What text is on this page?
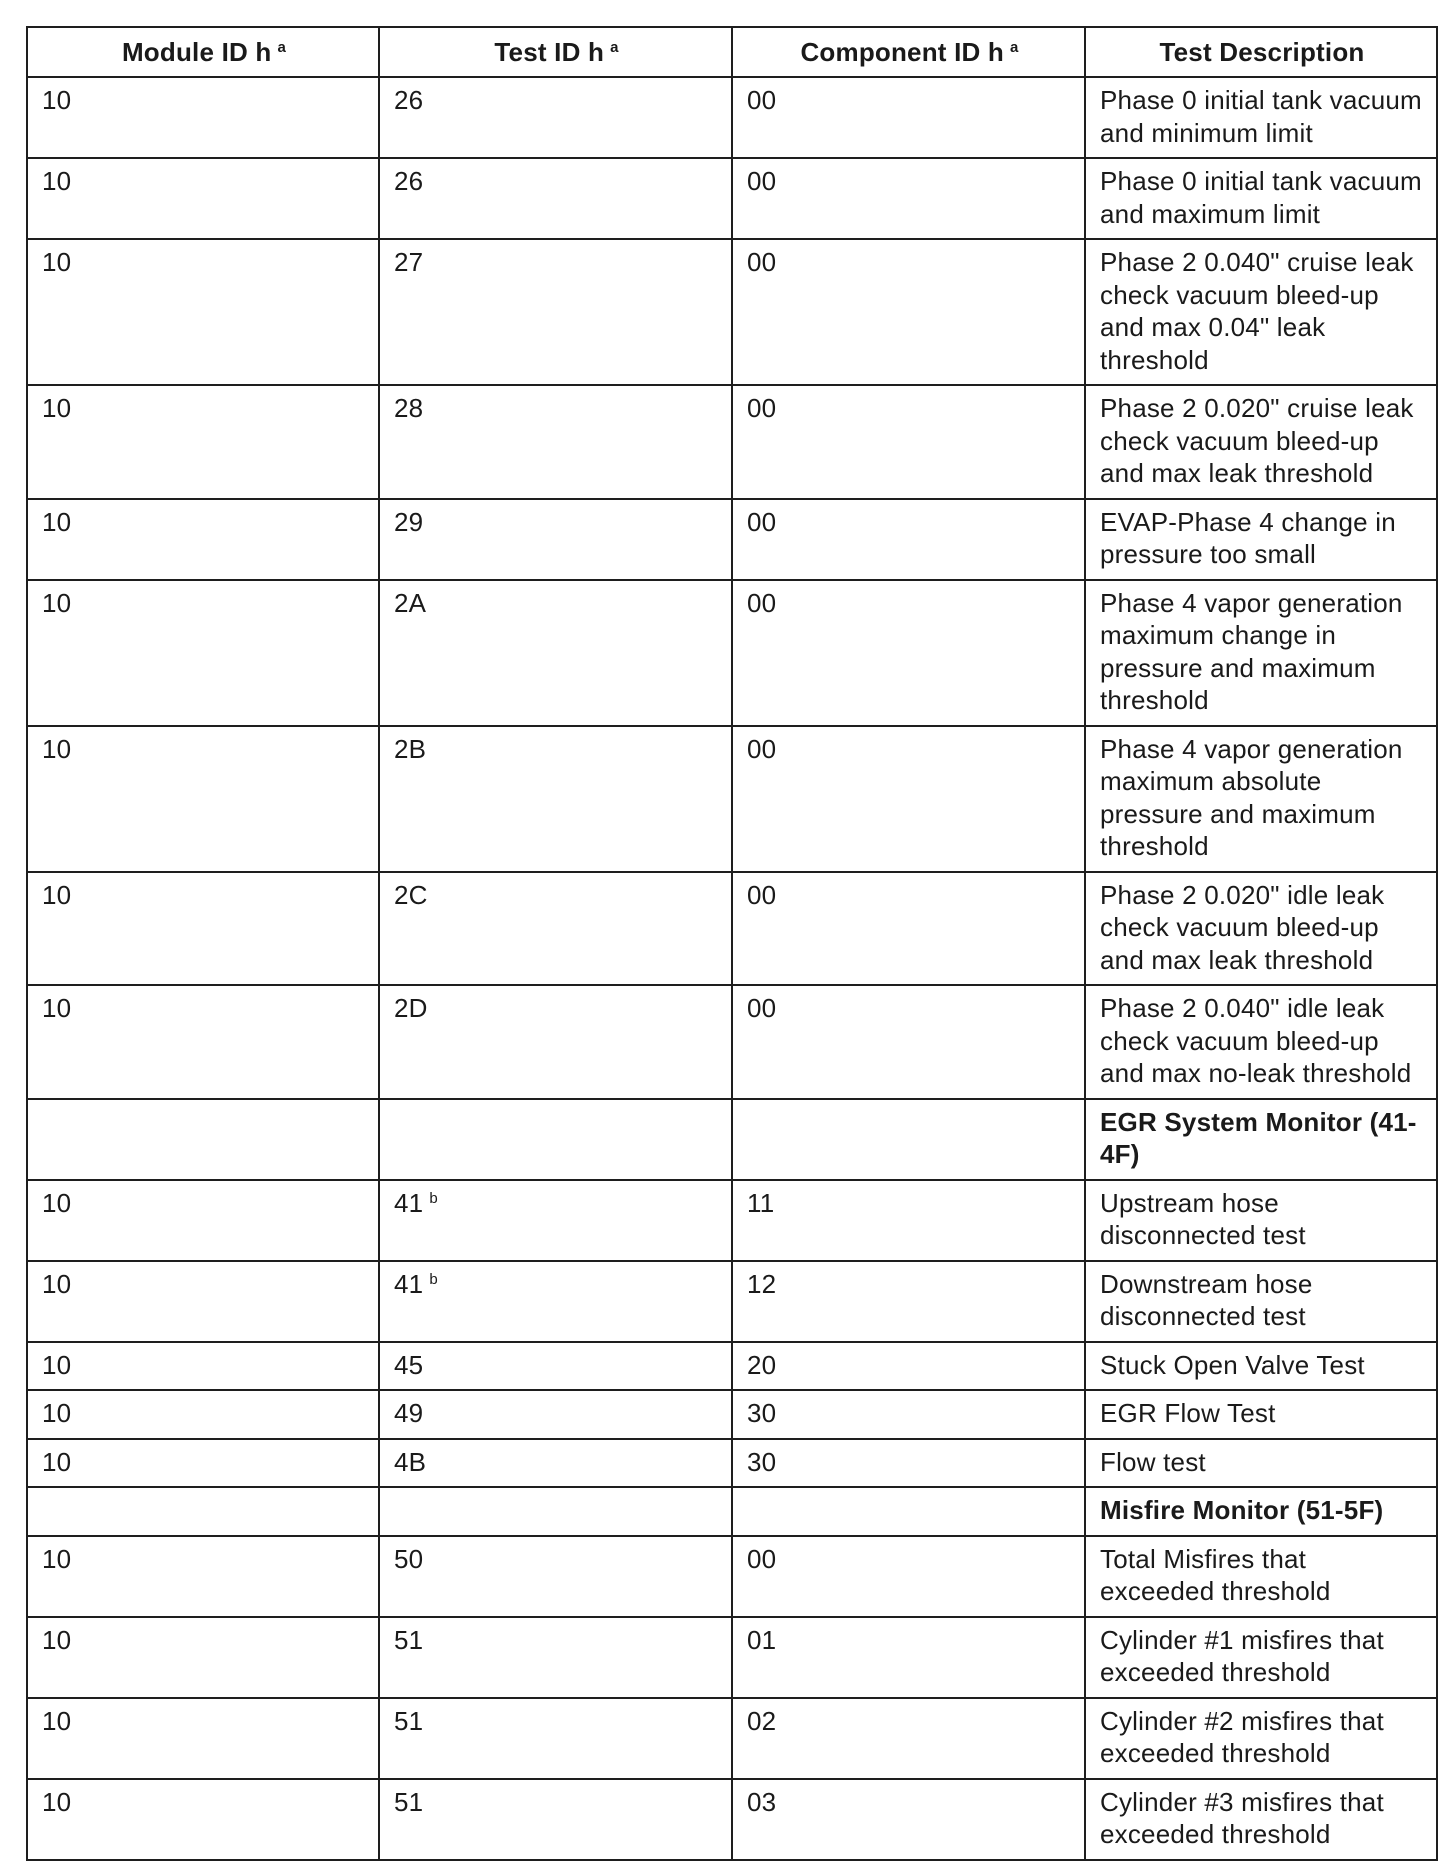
Module ID h $^a$	Test ID h $^a$	Component ID h $^a$	Test Description
10	26	00	Phase 0 initial tank vacuum and minimum limit
10	26	00	Phase 0 initial tank vacuum and maximum limit
10	27	00	Phase 2 0.040" cruise leak check vacuum bleed-up and max 0.04" leak threshold
10	28	00	Phase 2 0.020" cruise leak check vacuum bleed-up and max leak threshold
10	29	00	EVAP-Phase 4 change in pressure too small
10	2A	00	Phase 4 vapor generation maximum change in pressure and maximum threshold
10	2B	00	Phase 4 vapor generation maximum absolute pressure and maximum threshold
10	2C	00	Phase 2 0.020" idle leak check vacuum bleed-up and max leak threshold
10	2D	00	Phase 2 0.040" idle leak check vacuum bleed-up and max no-leak threshold
			EGR System Monitor (41-4F)
10	41 $^b$	11	Upstream hose disconnected test
10	41 $^b$	12	Downstream hose disconnected test
10	45	20	Stuck Open Valve Test
10	49	30	EGR Flow Test
10	4B	30	Flow test
			Misfire Monitor (51-5F)
10	50	00	Total Misfires that exceeded threshold
10	51	01	Cylinder #1 misfires that exceeded threshold
10	51	02	Cylinder #2 misfires that exceeded threshold
10	51	03	Cylinder #3 misfires that exceeded threshold
